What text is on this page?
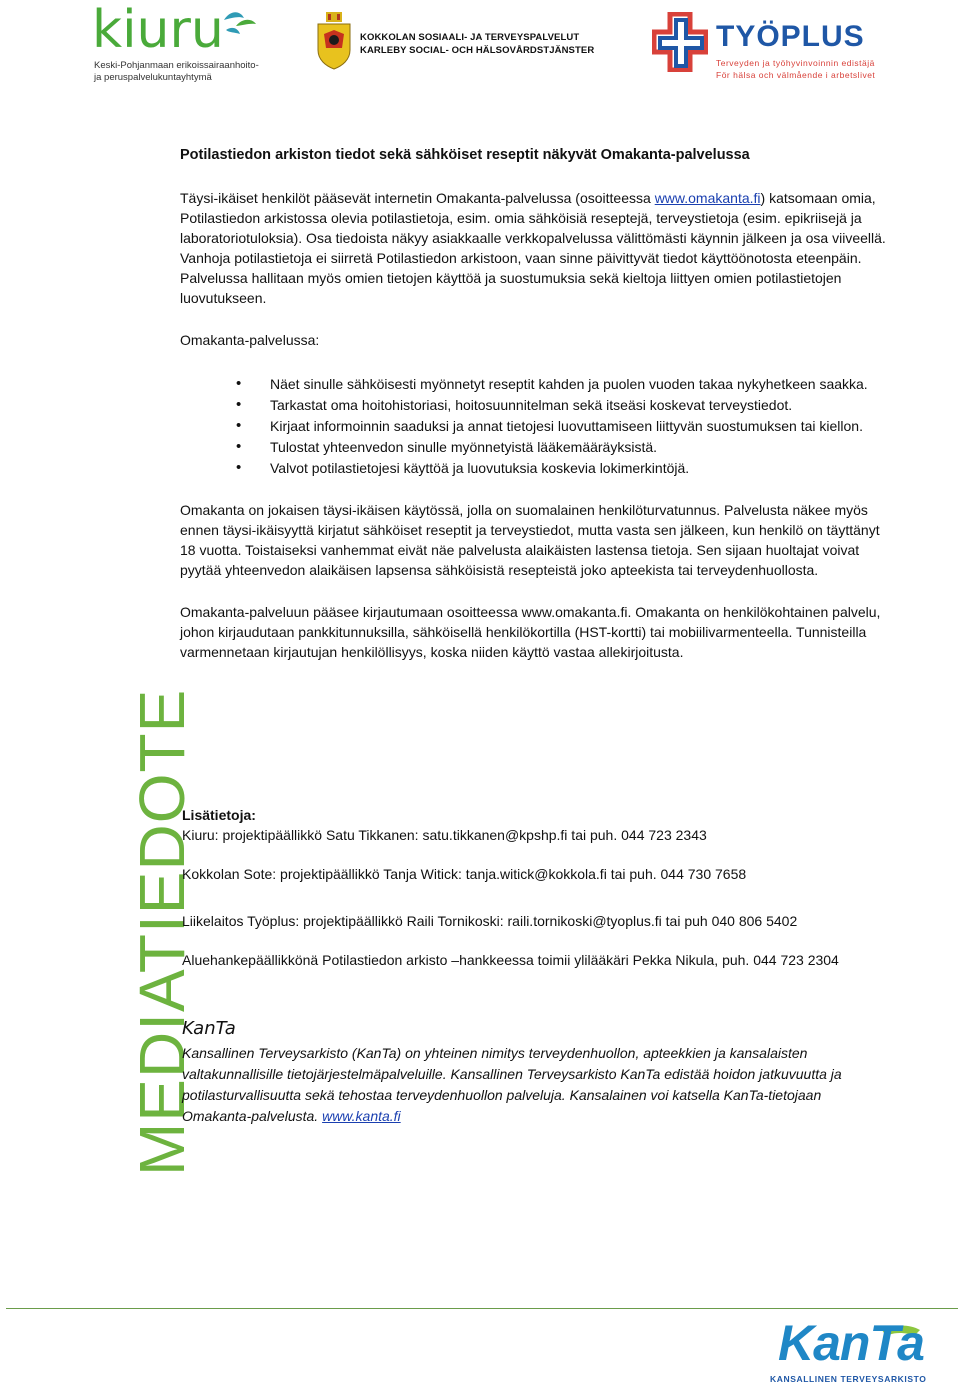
kiuru
Keski-Pohjanmaan erikoissairaanhoito-
ja peruspalvelukuntayhtymä
KOKKOLAN SOSIAALI- JA TERVEYSPALVELUT
KARLEBY SOCIAL- OCH HÄLSOVÅRDSTJÄNSTER	TYÖPLUS
Terveyden ja työhyvinvoinnin edistäjä
För hälsa och välmående i arbetslivet
MEDIATIEDOTE
Potilastiedon arkiston tiedot sekä sähköiset reseptit näkyvät Omakanta-palvelussa

Täysi-ikäiset henkilöt pääsevät internetin Omakanta-palvelussa (osoitteessa www.omakanta.fi) katsomaan omia, Potilastiedon arkistossa olevia potilastietoja, esim. omia sähköisiä reseptejä, terveystietoja (esim. epikriisejä ja laboratoriotuloksia). Osa tiedoista näkyy asiakkaalle verkkopalvelussa välittömästi käynnin jälkeen ja osa viiveellä. Vanhoja potilastietoja ei siirretä Potilastiedon arkistoon, vaan sinne päivittyvät tiedot käyttöönotosta eteenpäin. Palvelussa hallitaan myös omien tietojen käyttöä ja suostumuksia sekä kieltoja liittyen omien potilastietojen luovutukseen.

Omakanta-palvelussa:
• Näet sinulle sähköisesti myönnetyt reseptit kahden ja puolen vuoden takaa nykyhetkeen saakka.
• Tarkastat oma hoitohistoriasi, hoitosuunnitelman sekä itseäsi koskevat terveystiedot.
• Kirjaat informoinnin saaduksi ja annat tietojesi luovuttamiseen liittyvän suostumuksen tai kiellon.
• Tulostat yhteenvedon sinulle myönnetyistä lääkemääräyksistä.
• Valvot potilastietojesi käyttöä ja luovutuksia koskevia lokimerkintöjä.

Omakanta on jokaisen täysi-ikäisen käytössä, jolla on suomalainen henkilöturvatunnus. Palvelusta näkee myös ennen täysi-ikäisyyttä kirjatut sähköiset reseptit ja terveystiedot, mutta vasta sen jälkeen, kun henkilö on täyttänyt 18 vuotta. Toistaiseksi vanhemmat eivät näe palvelusta alaikäisten lastensa tietoja. Sen sijaan huoltajat voivat pyytää yhteenvedon alaikäisen lapsensa sähköisistä resepteistä joko apteekista tai terveydenhuollosta.

Omakanta-palveluun pääsee kirjautumaan osoitteessa www.omakanta.fi. Omakanta on henkilökohtainen palvelu, johon kirjaudutaan pankkitunnuksilla, sähköisellä henkilökortilla (HST-kortti) tai mobiilivarmenteella. Tunnisteilla varmennetaan kirjautujan henkilöllisyys, koska niiden käyttö vastaa allekirjoitusta.

Lisätietoja:
Kiuru: projektipäällikkö Satu Tikkanen: satu.tikkanen@kpshp.fi tai puh. 044 723 2343
Kokkolan Sote: projektipäällikkö Tanja Witick: tanja.witick@kokkola.fi tai puh. 044 730 7658
Liikelaitos Työplus: projektipäällikkö Raili Tornikoski: raili.tornikoski@tyoplus.fi tai puh 040 806 5402
Aluehankepäällikkönä Potilastiedon arkisto –hankkeessa toimii ylilääkäri Pekka Nikula, puh. 044 723 2304
KanTa

Kansallinen Terveysarkisto (KanTa) on yhteinen nimitys terveydenhuollon, apteekkien ja kansalaisten valtakunnallisille tietojärjestelmäpalveluille. Kansallinen Terveysarkisto KanTa edistää hoidon jatkuvuutta ja potilasturvallisuutta sekä tehostaa terveydenhuollon palveluja. Kansalainen voi katsella KanTa-tietojaan Omakanta-palvelusta. www.kanta.fi

KanTa
KANSALLINEN TERVEYSARKISTO
